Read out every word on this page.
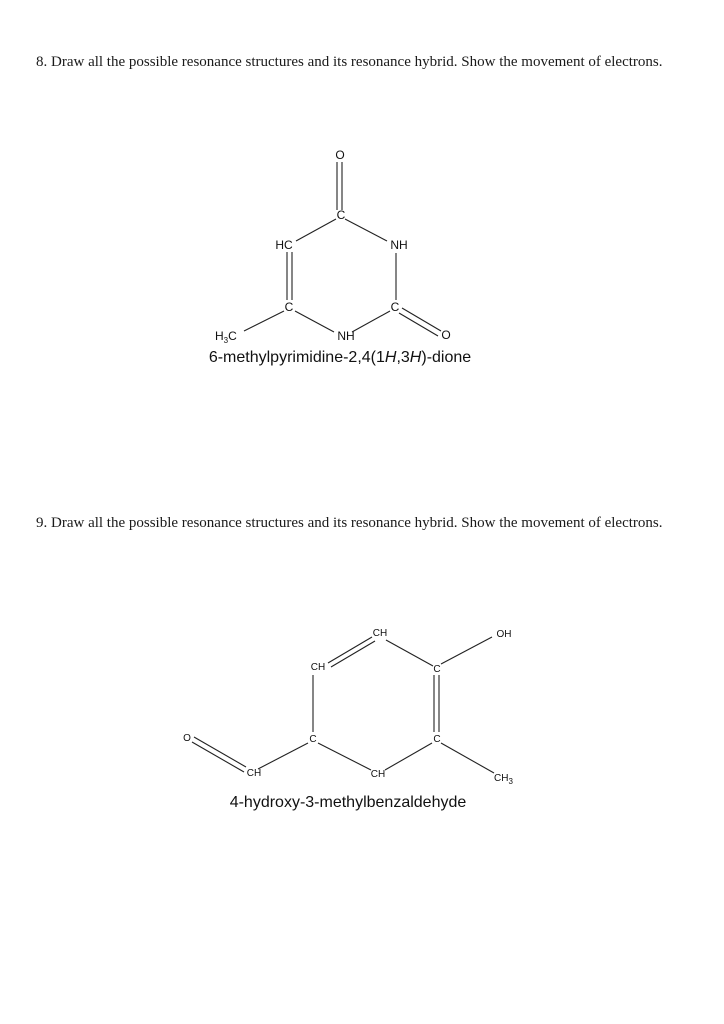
8. Draw all the possible resonance structures and its resonance hybrid. Show the movement of electrons.

9. Draw all the possible resonance structures and its resonance hybrid. Show the movement of electrons.

O
C
HC	NH
C	C
$H_3C$	NH	O
6-methylpyrimidine-2,4(1H,3H)-dione
CH	OH
CH	C
O	C	C
CH	CH	$CH_3$
4-hydroxy-3-methylbenzaldehyde
